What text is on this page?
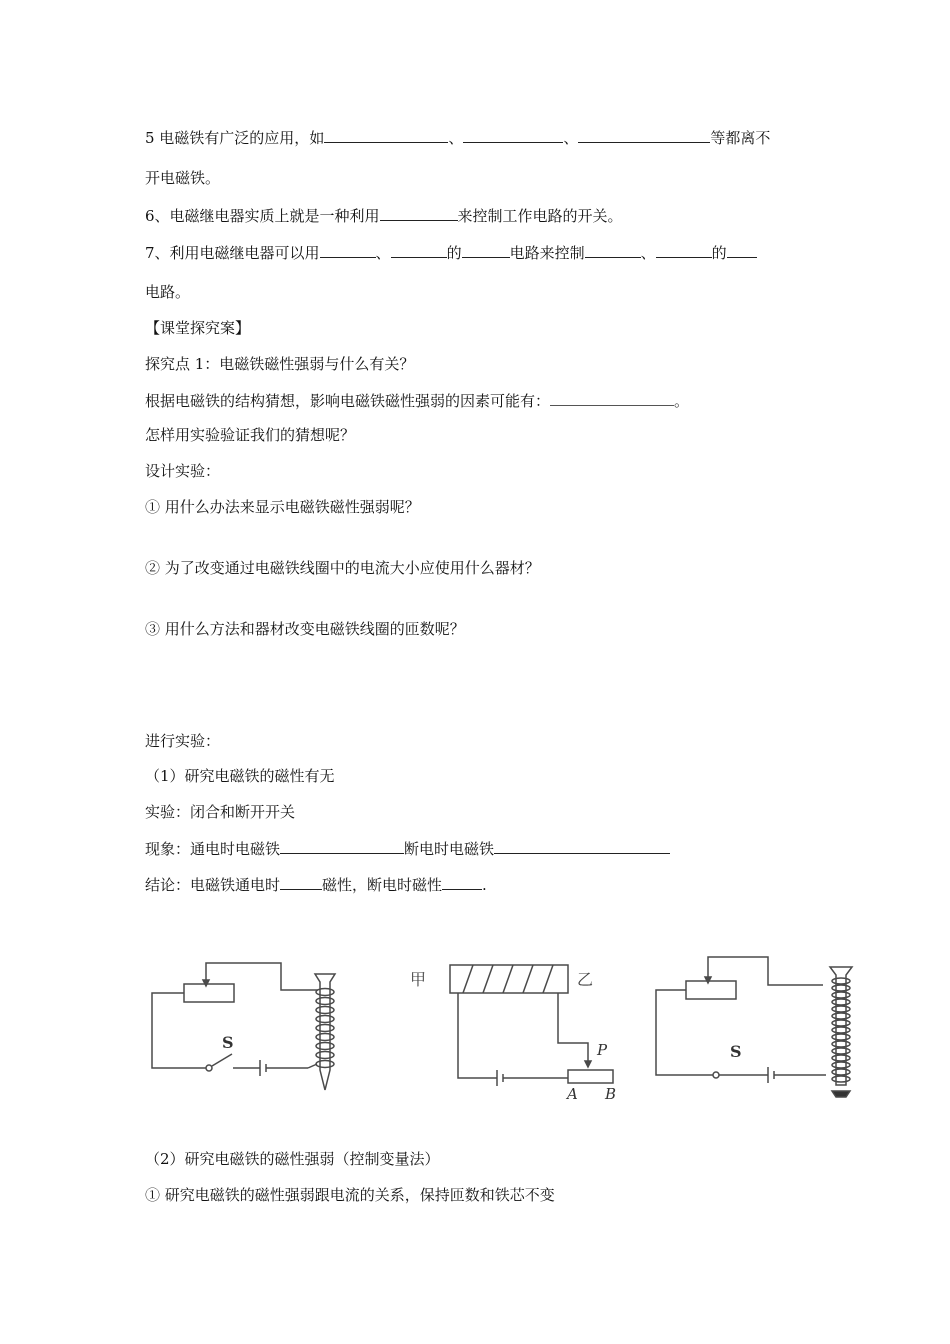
5 电磁铁有广泛的应用，如	、	、	等都离不
开电磁铁。
6、电磁继电器实质上就是一种利用	来控制工作电路的开关。
7、利用电磁继电器可以用	、	的	电路来控制	、	的
电路。
【课堂探究案】
探究点 1：电磁铁磁性强弱与什么有关？
根据电磁铁的结构猜想，影响电磁铁磁性强弱的因素可能有：	。
怎样用实验验证我们的猜想呢？
设计实验：
① 用什么办法来显示电磁铁磁性强弱呢？
② 为了改变通过电磁铁线圈中的电流大小应使用什么器材？
③ 用什么方法和器材改变电磁铁线圈的匝数呢？
进行实验：
（1）研究电磁铁的磁性有无
实验：闭合和断开开关
现象：通电时电磁铁	断电时电磁铁
结论：电磁铁通电时	磁性，断电时磁性	.
S
甲	乙
P
A B
S
（2）研究电磁铁的磁性强弱（控制变量法）
① 研究电磁铁的磁性强弱跟电流的关系，保持匝数和铁芯不变
